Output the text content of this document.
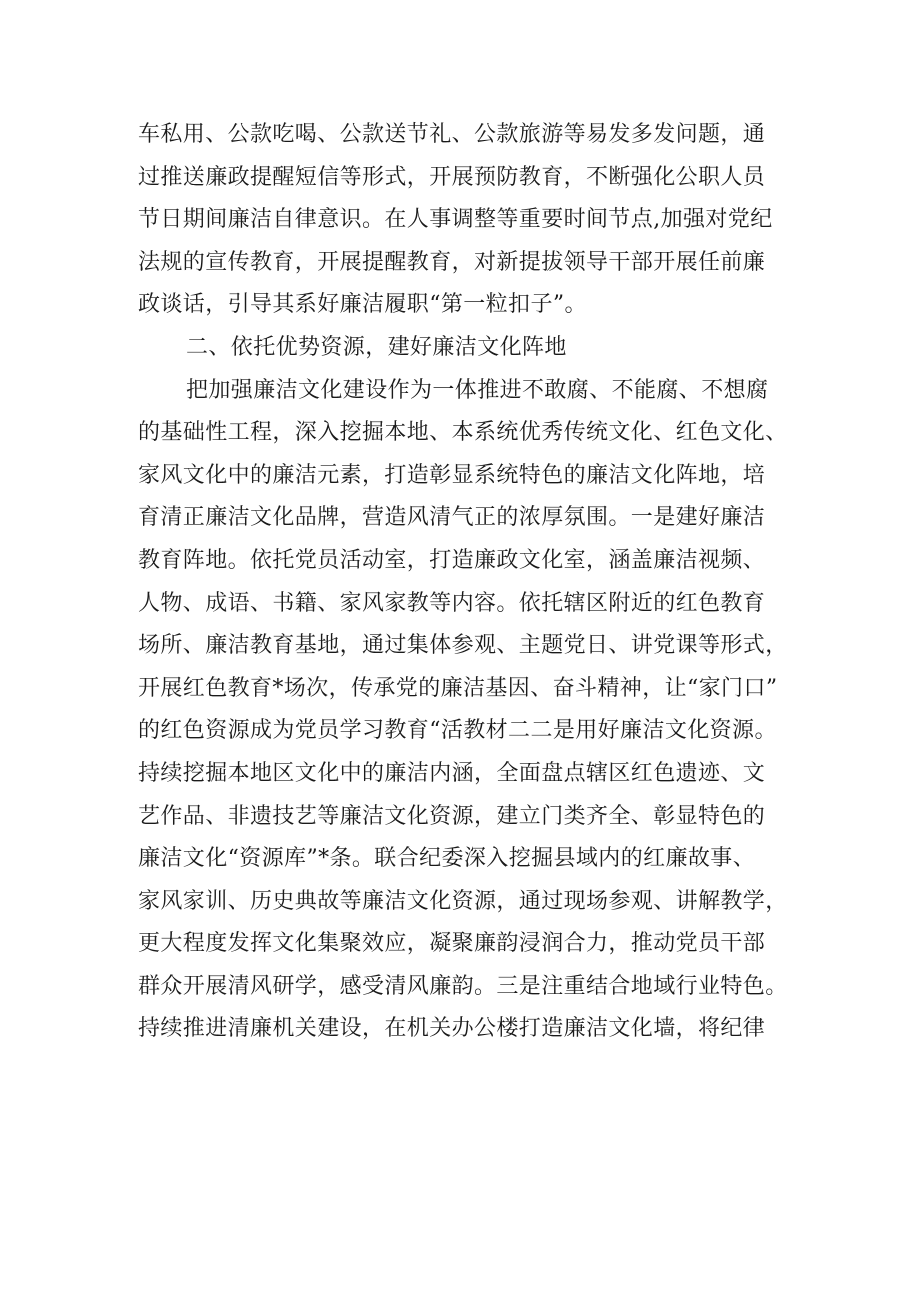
车私用、公款吃喝、公款送节礼、公款旅游等易发多发问题，通
过推送廉政提醒短信等形式，开展预防教育，不断强化公职人员
节日期间廉洁自律意识。在人事调整等重要时间节点,加强对党纪
法规的宣传教育，开展提醒教育，对新提拔领导干部开展任前廉
政谈话，引导其系好廉洁履职“第一粒扣子”。
二、依托优势资源，建好廉洁文化阵地
把加强廉洁文化建设作为一体推进不敢腐、不能腐、不想腐
的基础性工程，深入挖掘本地、本系统优秀传统文化、红色文化、
家风文化中的廉洁元素，打造彰显系统特色的廉洁文化阵地，培
育清正廉洁文化品牌，营造风清气正的浓厚氛围。一是建好廉洁
教育阵地。依托党员活动室，打造廉政文化室，涵盖廉洁视频、
人物、成语、书籍、家风家教等内容。依托辖区附近的红色教育
场所、廉洁教育基地，通过集体参观、主题党日、讲党课等形式，
开展红色教育*场次，传承党的廉洁基因、奋斗精神，让“家门口”
的红色资源成为党员学习教育“活教材二二是用好廉洁文化资源。
持续挖掘本地区文化中的廉洁内涵，全面盘点辖区红色遗迹、文
艺作品、非遗技艺等廉洁文化资源，建立门类齐全、彰显特色的
廉洁文化“资源库”*条。联合纪委深入挖掘县域内的红廉故事、
家风家训、历史典故等廉洁文化资源，通过现场参观、讲解教学，
更大程度发挥文化集聚效应，凝聚廉韵浸润合力，推动党员干部
群众开展清风研学，感受清风廉韵。三是注重结合地域行业特色。
持续推进清廉机关建设，在机关办公楼打造廉洁文化墙，将纪律
